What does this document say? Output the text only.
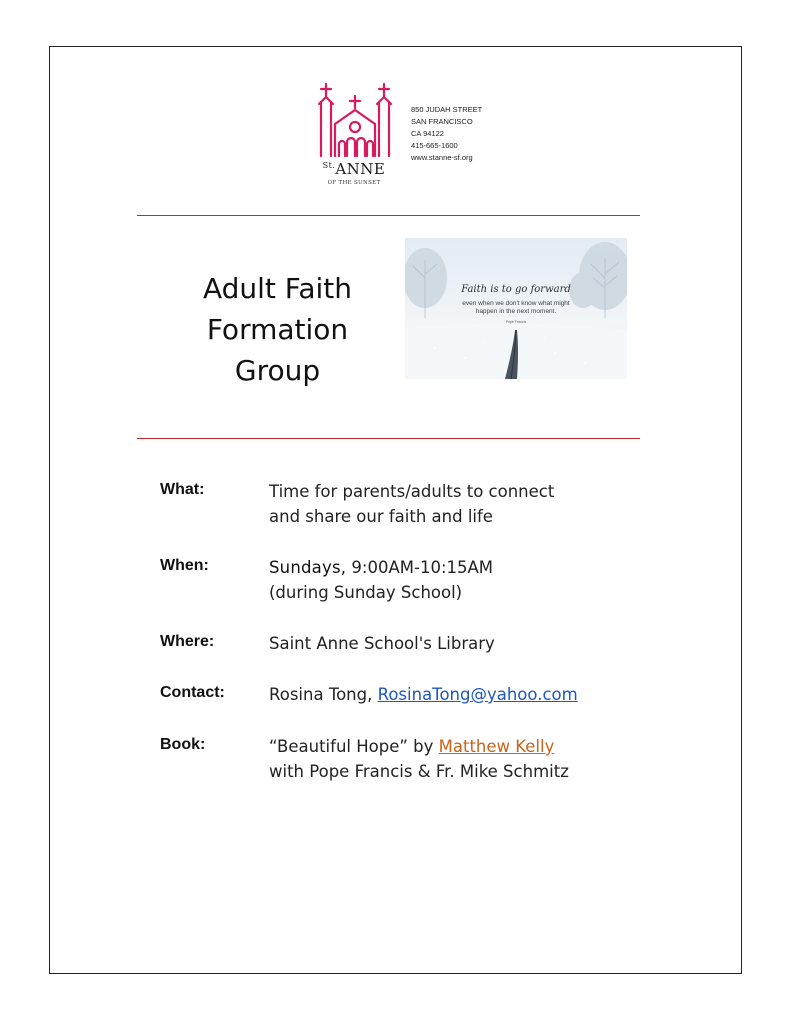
$^{St.}$ANNE
OF THE SUNSET
850 JUDAH STREET
SAN FRANCISCO
CA 94122
415-665-1600
www.stanne-sf.org
Adult Faith
Formation
Group
Faith is to go forward
even when we don't know what might
happen in the next moment.
Pope Francis
What:	Time for parents/adults to connect
and share our faith and life
When:	Sundays, 9:00AM-10:15AM
(during Sunday School)
Where:	Saint Anne School's Library
Contact:	Rosina Tong, RosinaTong@yahoo.com
Book:	“Beautiful Hope” by Matthew Kelly
with Pope Francis & Fr. Mike Schmitz
